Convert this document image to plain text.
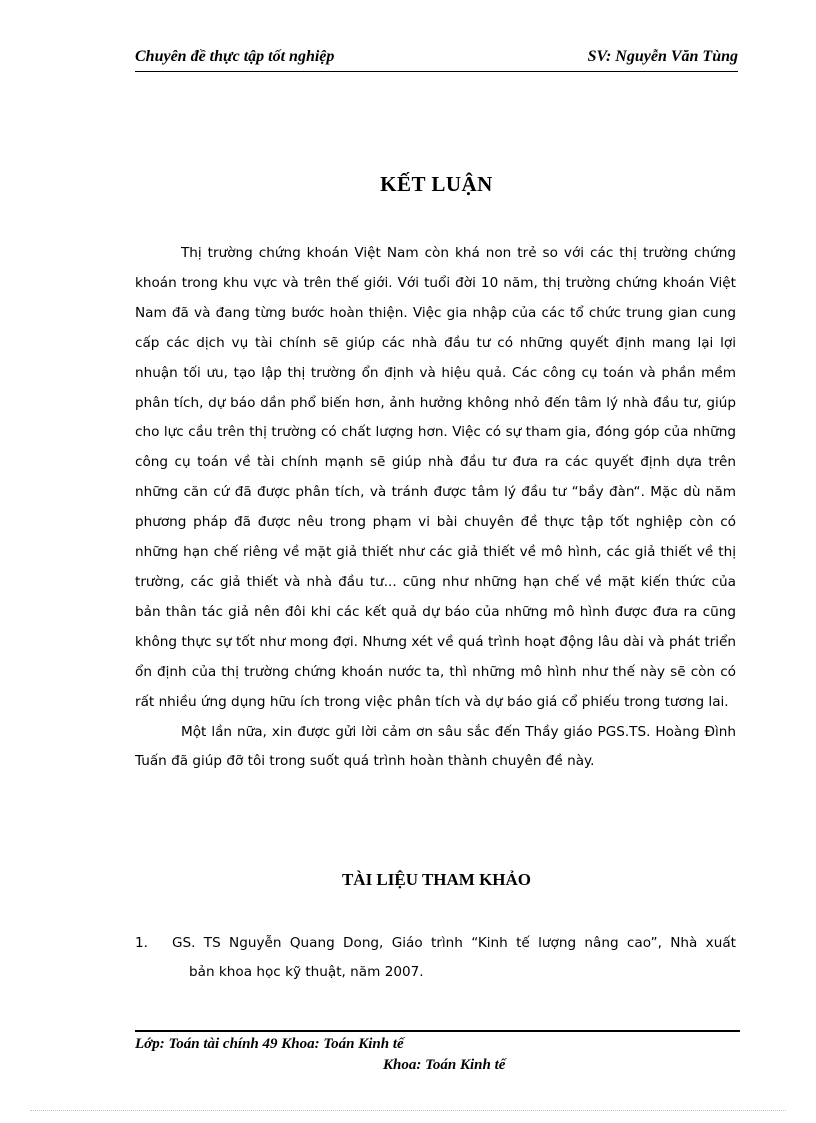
Chuyên đề thực tập tốt nghiệp	SV: Nguyễn Văn Tùng
KẾT LUẬN

Thị trường chứng khoán Việt Nam còn khá non trẻ so với các thị trường chứng khoán trong khu vực và trên thế giới. Với tuổi đời 10 năm, thị trường chứng khoán Việt Nam đã và đang từng bước hoàn thiện. Việc gia nhập của các tổ chức trung gian cung cấp các dịch vụ tài chính sẽ giúp các nhà đầu tư có những quyết định mang lại lợi nhuận tối ưu, tạo lập thị trường ổn định và hiệu quả. Các công cụ toán và phần mềm phân tích, dự báo dần phổ biến hơn, ảnh hưởng không nhỏ đến tâm lý nhà đầu tư, giúp cho lực cầu trên thị trường có chất lượng hơn. Việc có sự tham gia, đóng góp của những công cụ toán về tài chính mạnh sẽ giúp nhà đầu tư đưa ra các quyết định dựa trên những căn cứ đã được phân tích, và tránh được tâm lý đầu tư “bầy đàn“. Mặc dù năm phương pháp đã được nêu trong phạm vi bài chuyên đề thực tập tốt nghiệp còn có những hạn chế riêng về mặt giả thiết như các giả thiết về mô hình, các giả thiết về thị trường, các giả thiết và nhà đầu tư... cũng như những hạn chế về mặt kiến thức của bản thân tác giả nên đôi khi các kết quả dự báo của những mô hình được đưa ra cũng không thực sự tốt như mong đợi. Nhưng xét về quá trình hoạt động lâu dài và phát triển ổn định của thị trường chứng khoán nước ta, thì những mô hình như thế này sẽ còn có rất nhiều ứng dụng hữu ích trong việc phân tích và dự báo giá cổ phiếu trong tương lai.

Một lần nữa, xin được gửi lời cảm ơn sâu sắc đến Thầy giáo PGS.TS. Hoàng Đình Tuấn đã giúp đỡ tôi trong suốt quá trình hoàn thành chuyên đề này.

TÀI LIỆU THAM KHẢO
1. GS. TS Nguyễn Quang Dong, Giáo trình “Kinh tế lượng nâng cao”, Nhà xuất
bản khoa học kỹ thuật, năm 2007.
Lớp: Toán tài chính 49 Khoa: Toán Kinh tế
Khoa: Toán Kinh tế
